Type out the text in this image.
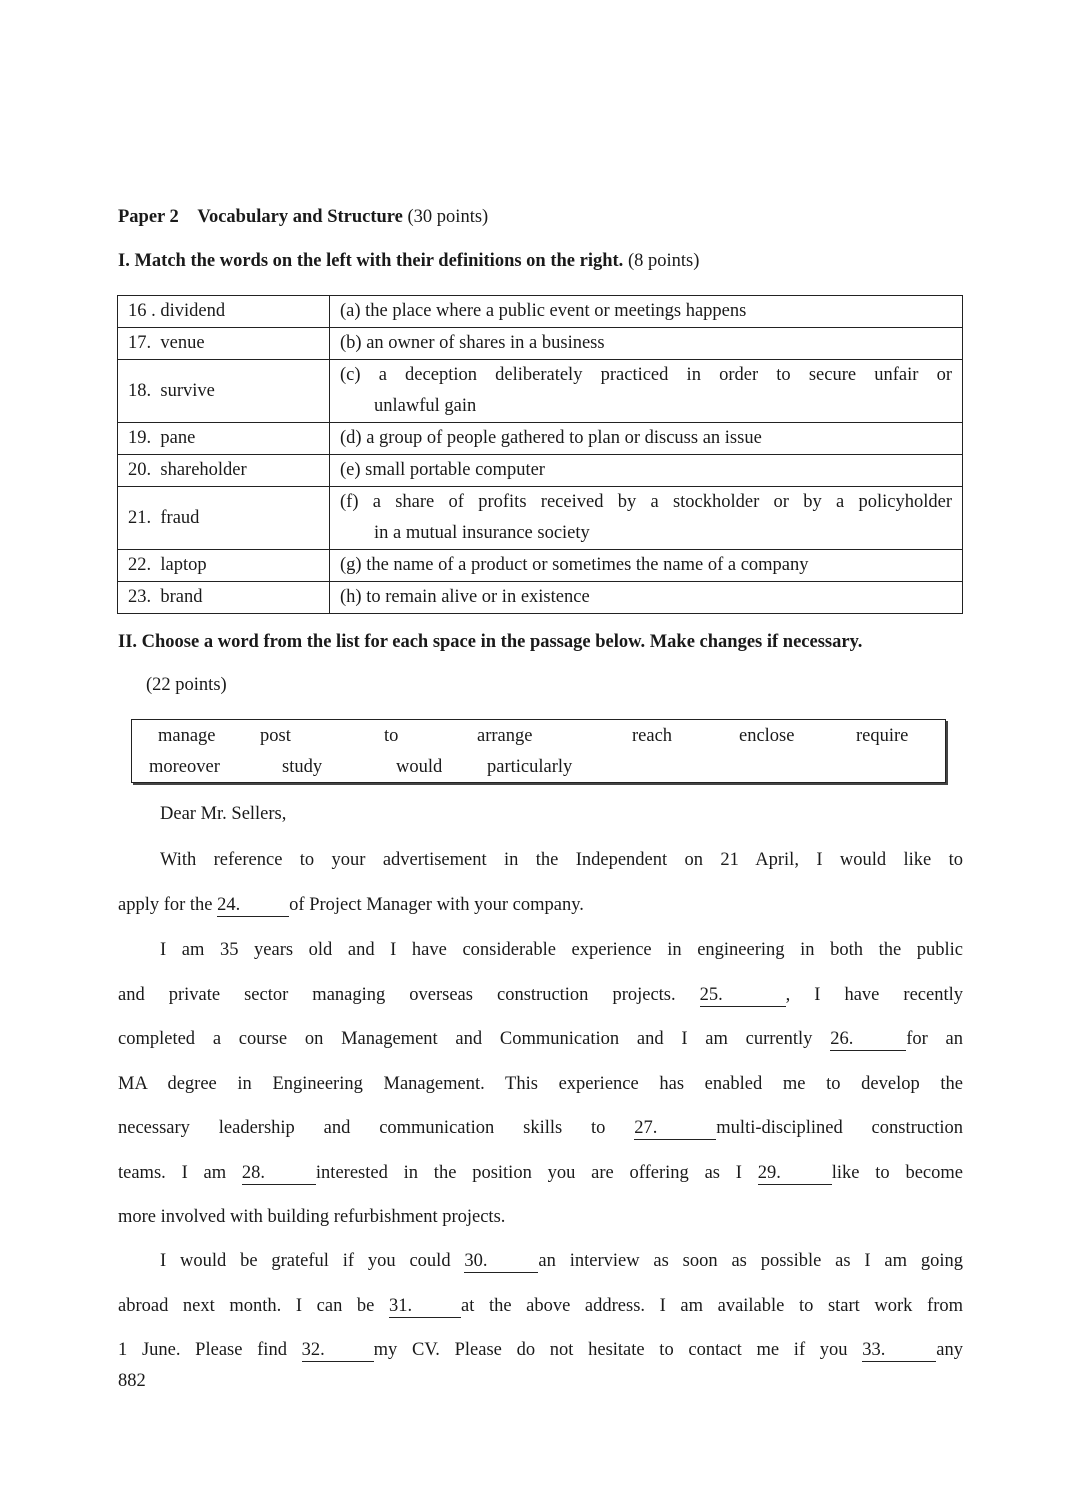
Paper 2 Vocabulary and Structure (30 points)
I. Match the words on the left with their definitions on the right. (8 points)
16 . dividend	(a) the place where a public event or meetings happens

17.  venue	(b) an owner of shares in a business

18.  survive	(c) a deception deliberately practiced in order to secure unfair or
unlawful gain

19.  pane	(d) a group of people gathered to plan or discuss an issue

20.  shareholder	(e) small portable computer

21.  fraud	(f) a share of profits received by a stockholder or by a policyholder
in a mutual insurance society

22.  laptop	(g) the name of a product or sometimes the name of a company

23.  brand	(h) to remain alive or in existence
II. Choose a word from the list for each space in the passage below. Make changes if necessary.
(22 points)
manage post	to	arrange	reach	enclose	require
moreover	study	would particularly
Dear Mr. Sellers,
With reference to your advertisement in the Independent on 21 April, I would like to
apply for the 24.	of Project Manager with your company.
I am 35 years old and I have considerable experience in engineering in both the public
and private sector managing overseas construction projects. 25.	, I have recently
completed a course on Management and Communication and I am currently 26.	for an
MA degree in Engineering Management. This experience has enabled me to develop the
necessary leadership and communication skills to 27.	multi-disciplined construction
teams. I am 28.	interested in the position you are offering as I 29.	like to become
more involved with building refurbishment projects.
I would be grateful if you could 30.	an interview as soon as possible as I am going
abroad next month. I can be 31.	at the above address. I am available to start work from
1 June. Please find 32.	my CV. Please do not hesitate to contact me if you 33.	any
882
